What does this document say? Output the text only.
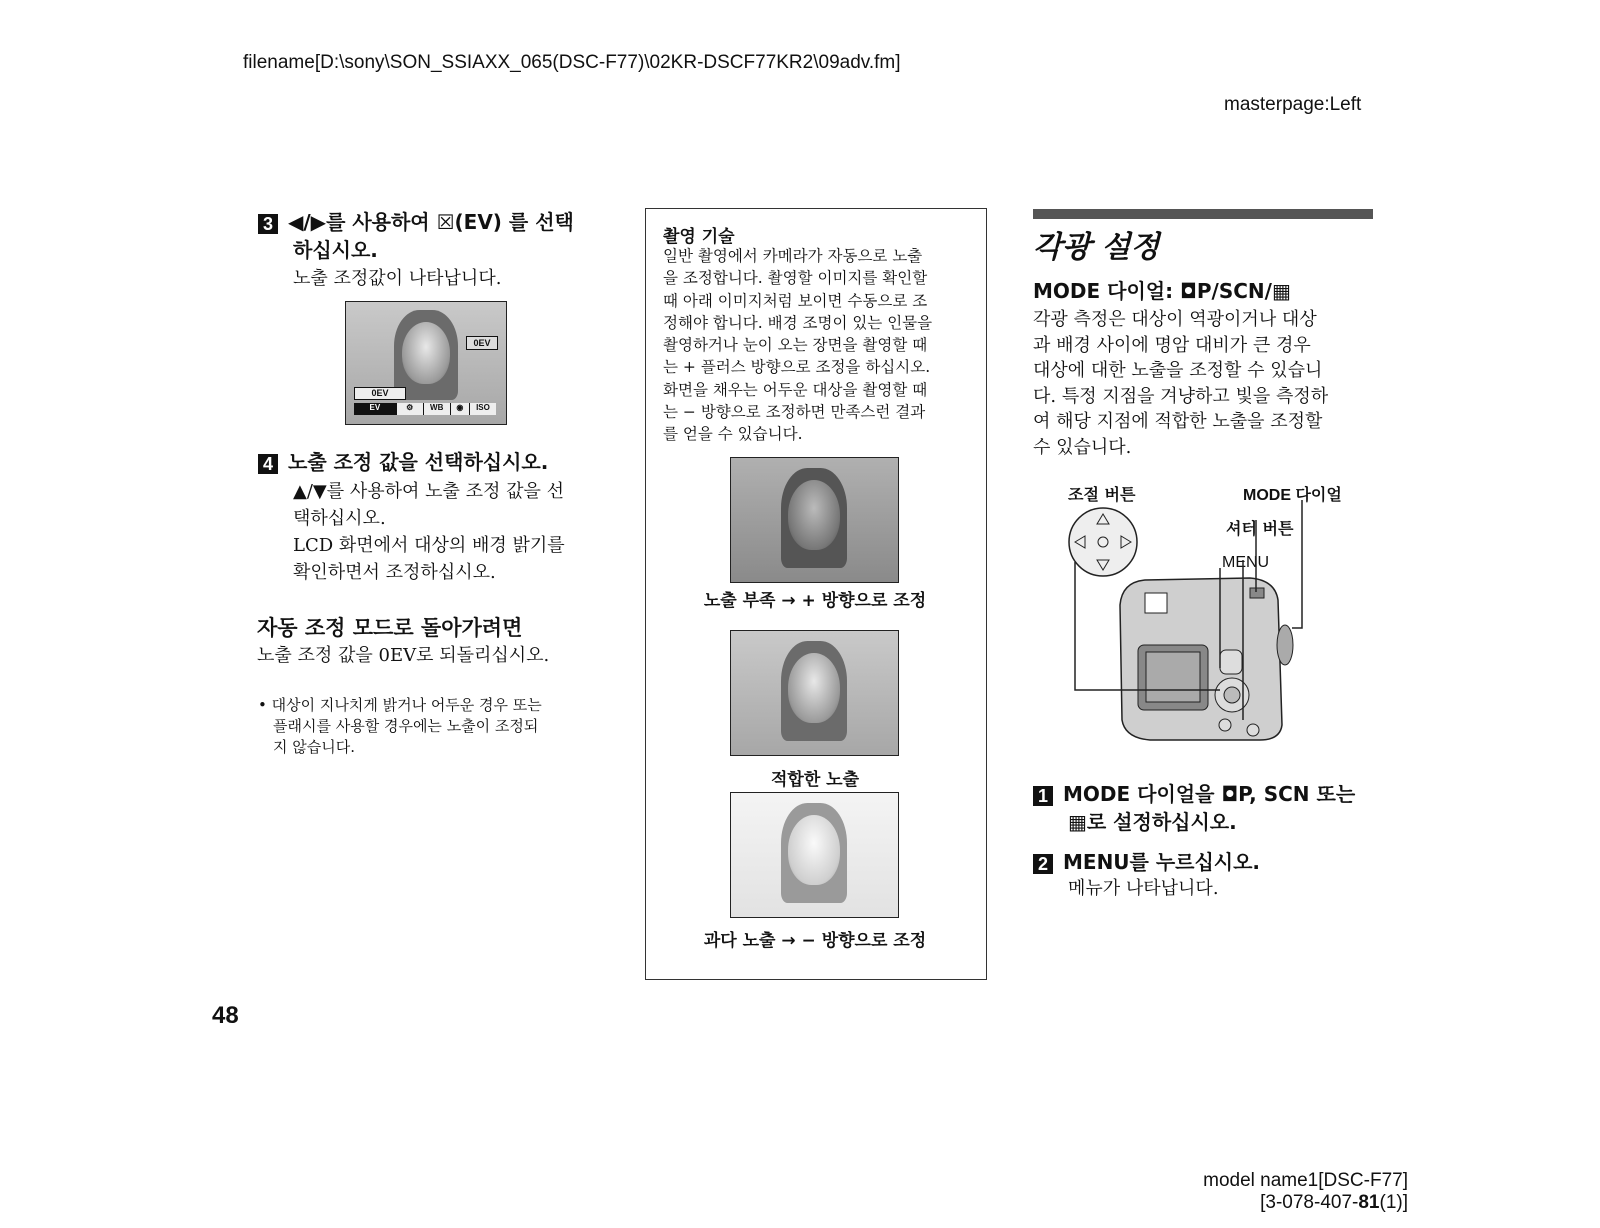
filename[D:\sony\SON_SSIAXX_065(DSC-F77)\02KR-DSCF77KR2\09adv.fm]
masterpage:Left
3 ◀/▶를 사용하여 ☒(EV) 를 선택
하십시오.
노출 조정값이 나타납니다.
0EV
0EV
EV	⚙	WB	◉	ISO
4 노출 조정 값을 선택하십시오.
▲/▼를 사용하여 노출 조정 값을 선
택하십시오.
LCD 화면에서 대상의 배경 밝기를
확인하면서 조정하십시오.
자동 조정 모드로 돌아가려면
노출 조정 값을 0EV로 되돌리십시오.
• 대상이 지나치게 밝거나 어두운 경우 또는
플래시를 사용할 경우에는 노출이 조정되
지 않습니다.
촬영 기술
일반 촬영에서 카메라가 자동으로 노출
을 조정합니다. 촬영할 이미지를 확인할
때 아래 이미지처럼 보이면 수동으로 조
정해야 합니다. 배경 조명이 있는 인물을
촬영하거나 눈이 오는 장면을 촬영할 때
는 + 플러스 방향으로 조정을 하십시오.
화면을 채우는 어두운 대상을 촬영할 때
는 − 방향으로 조정하면 만족스런 결과
를 얻을 수 있습니다.
노출 부족 → + 방향으로 조정
적합한 노출
과다 노출 → − 방향으로 조정
각광 설정
MODE 다이얼: ◘P/SCN/▦
각광 측정은 대상이 역광이거나 대상
과 배경 사이에 명암 대비가 큰 경우
대상에 대한 노출을 조정할 수 있습니
다. 특정 지점을 겨냥하고 빛을 측정하
여 해당 지점에 적합한 노출을 조정할
수 있습니다.
조절 버튼	MODE 다이얼
셔터 버튼
MENU
1 MODE 다이얼을 ◘P, SCN 또는
▦로 설정하십시오.
2 MENU를 누르십시오.
메뉴가 나타납니다.
48
model name1[DSC-F77]
[3-078-407-81(1)]
